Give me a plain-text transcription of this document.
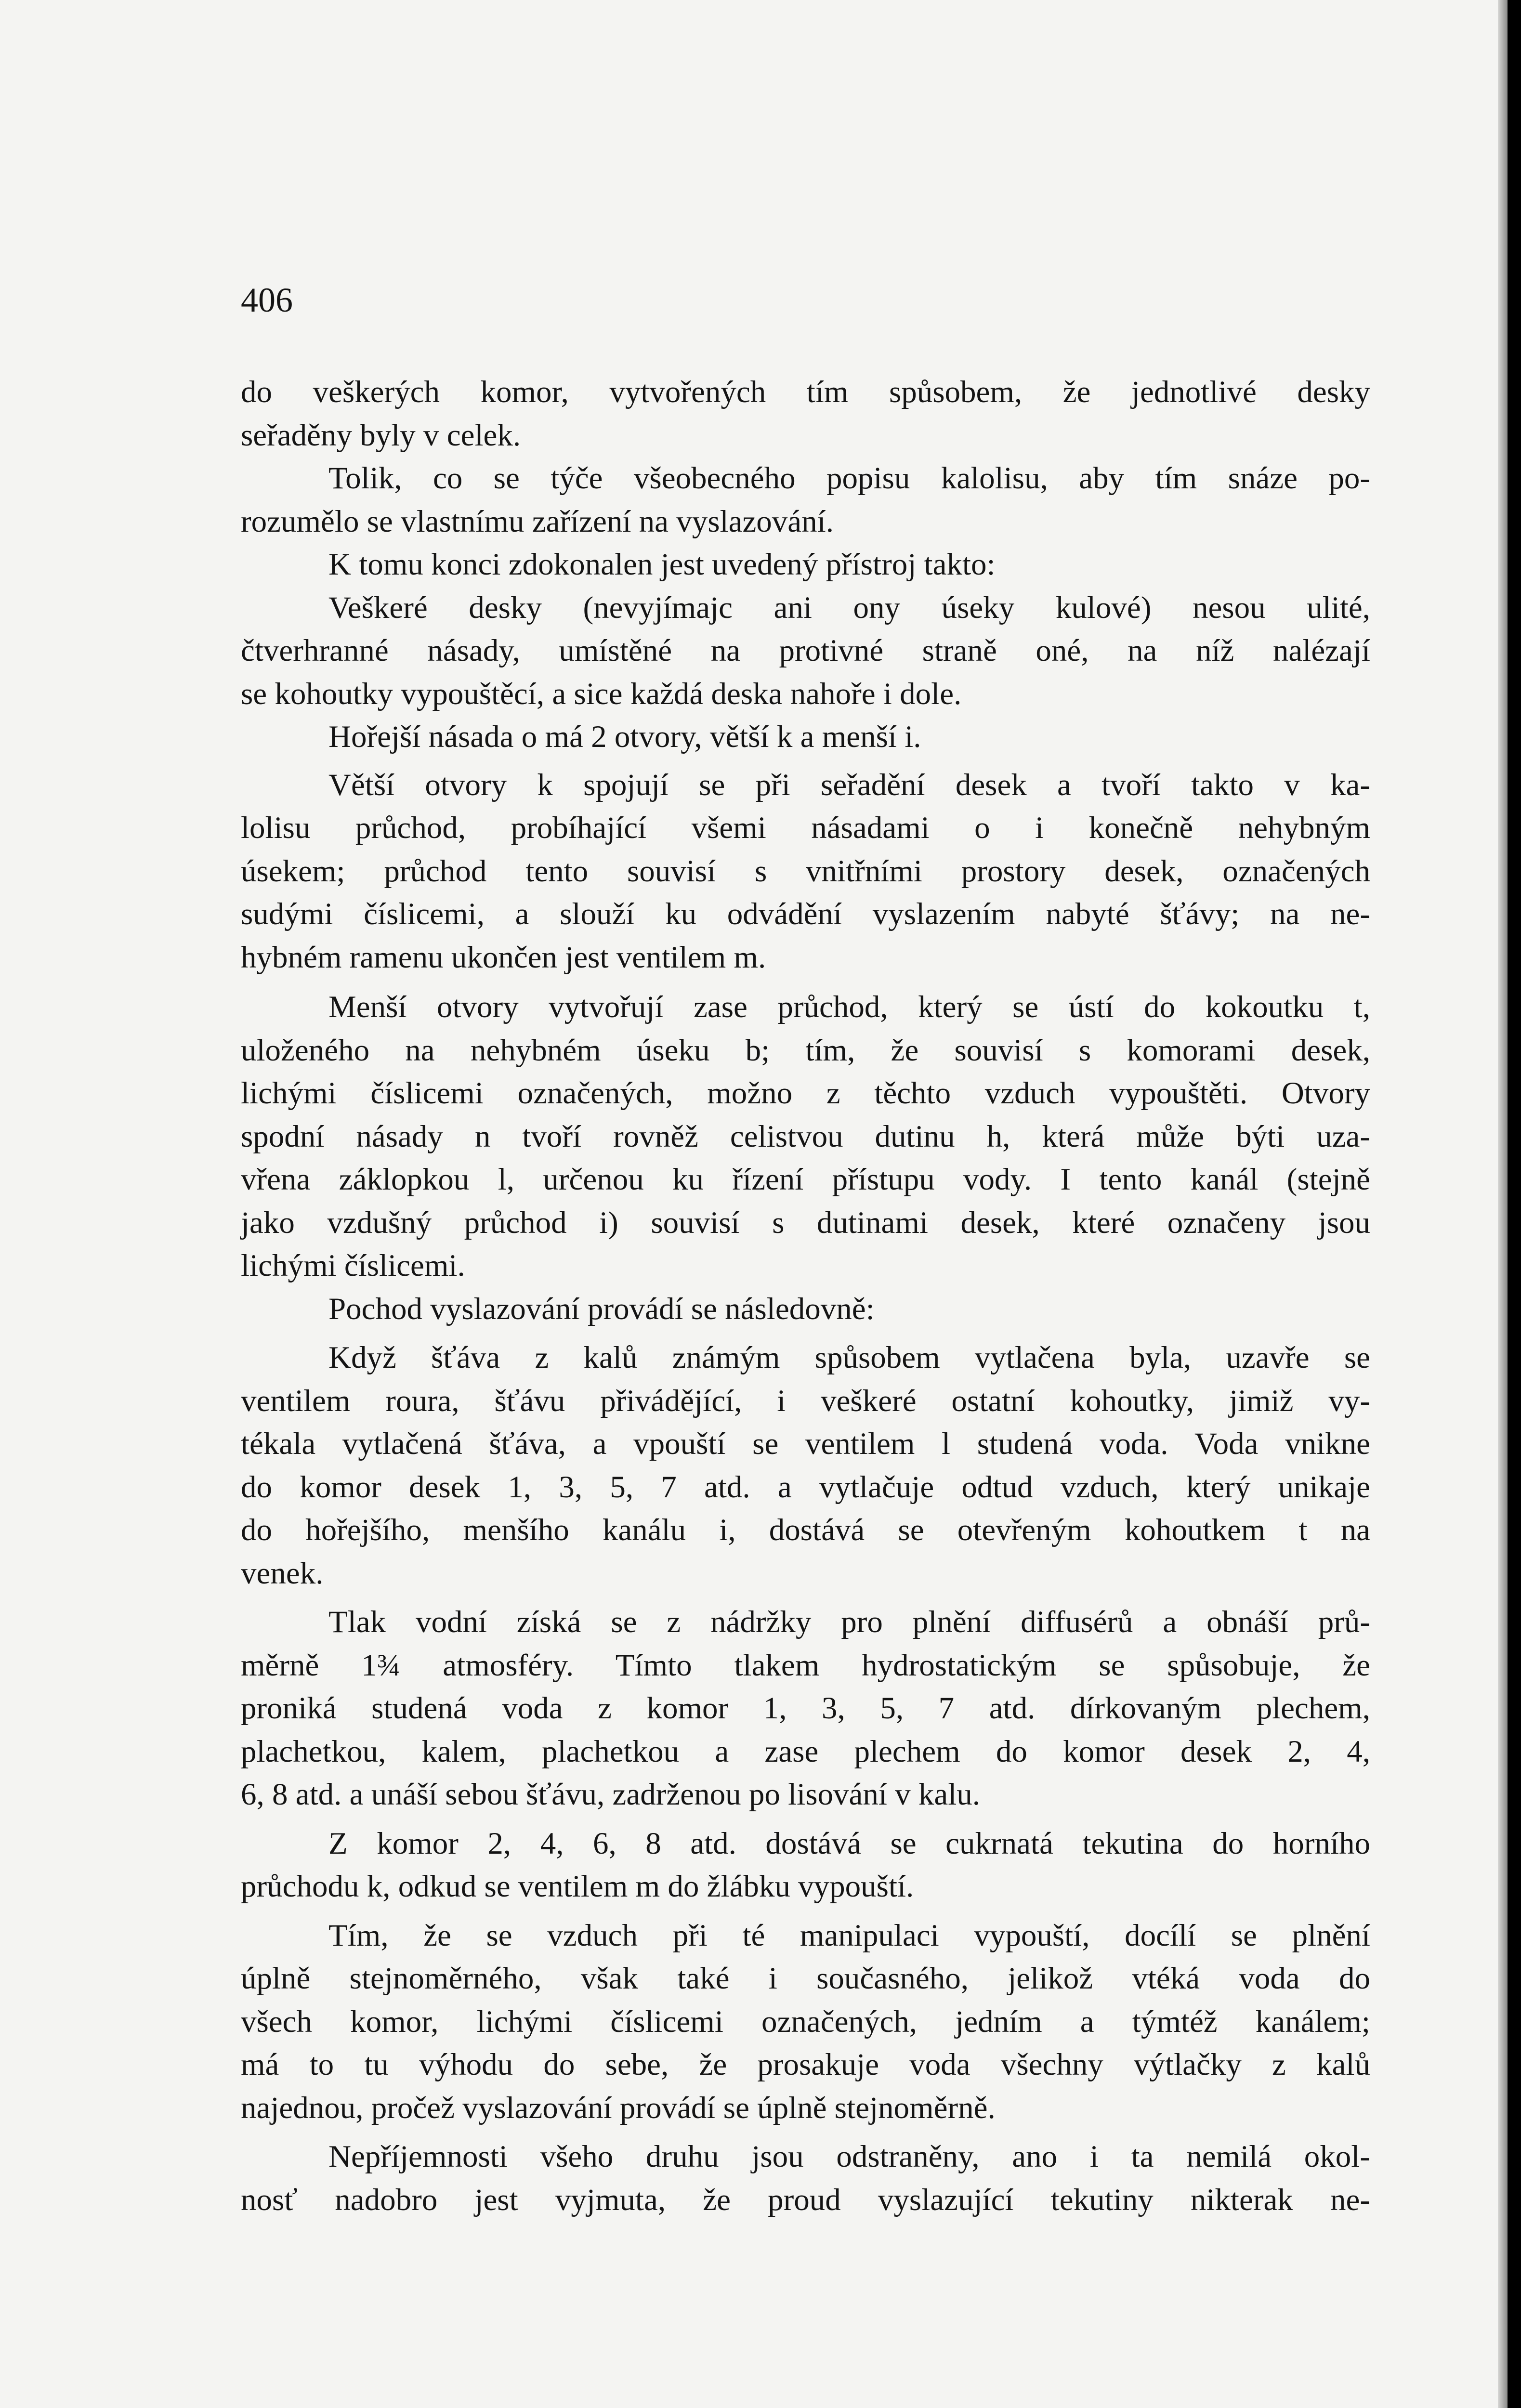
406
do veškerých komor, vytvořených tím spůsobem, že jednotlivé desky
seřaděny byly v celek.
Tolik, co se týče všeobecného popisu kalolisu, aby tím snáze po-
rozumělo se vlastnímu zařízení na vyslazování.
K tomu konci zdokonalen jest uvedený přístroj takto:
Veškeré desky (nevyjímajc ani ony úseky kulové) nesou ulité,
čtverhranné násady, umístěné na protivné straně oné, na níž nalézají
se kohoutky vypouštěcí, a sice každá deska nahoře i dole.
Hořejší násada o má 2 otvory, větší k a menší i.
Větší otvory k spojují se při seřadění desek a tvoří takto v ka-
lolisu průchod, probíhající všemi násadami o i konečně nehybným
úsekem; průchod tento souvisí s vnitřními prostory desek, označených
sudými číslicemi, a slouží ku odvádění vyslazením nabyté šťávy; na ne-
hybném ramenu ukončen jest ventilem m.
Menší otvory vytvořují zase průchod, který se ústí do kokoutku t,
uloženého na nehybném úseku b; tím, že souvisí s komorami desek,
lichými číslicemi označených, možno z těchto vzduch vypouštěti. Otvory
spodní násady n tvoří rovněž celistvou dutinu h, která může býti uza-
vřena záklopkou l, určenou ku řízení přístupu vody. I tento kanál (stejně
jako vzdušný průchod i) souvisí s dutinami desek, které označeny jsou
lichými číslicemi.
Pochod vyslazování provádí se následovně:
Když šťáva z kalů známým spůsobem vytlačena byla, uzavře se
ventilem roura, šťávu přivádějící, i veškeré ostatní kohoutky, jimiž vy-
tékala vytlačená šťáva, a vpouští se ventilem l studená voda. Voda vnikne
do komor desek 1, 3, 5, 7 atd. a vytlačuje odtud vzduch, který unikaje
do hořejšího, menšího kanálu i, dostává se otevřeným kohoutkem t na
venek.
Tlak vodní získá se z nádržky pro plnění diffusérů a obnáší prů-
měrně 1¾ atmosféry. Tímto tlakem hydrostatickým se spůsobuje, že
proniká studená voda z komor 1, 3, 5, 7 atd. dírkovaným plechem,
plachetkou, kalem, plachetkou a zase plechem do komor desek 2, 4,
6, 8 atd. a unáší sebou šťávu, zadrženou po lisování v kalu.
Z komor 2, 4, 6, 8 atd. dostává se cukrnatá tekutina do horního
průchodu k, odkud se ventilem m do žlábku vypouští.
Tím, že se vzduch při té manipulaci vypouští, docílí se plnění
úplně stejnoměrného, však také i současného, jelikož vtéká voda do
všech komor, lichými číslicemi označených, jedním a týmtéž kanálem;
má to tu výhodu do sebe, že prosakuje voda všechny výtlačky z kalů
najednou, pročež vyslazování provádí se úplně stejnoměrně.
Nepříjemnosti všeho druhu jsou odstraněny, ano i ta nemilá okol-
nosť nadobro jest vyjmuta, že proud vyslazující tekutiny nikterak ne-
